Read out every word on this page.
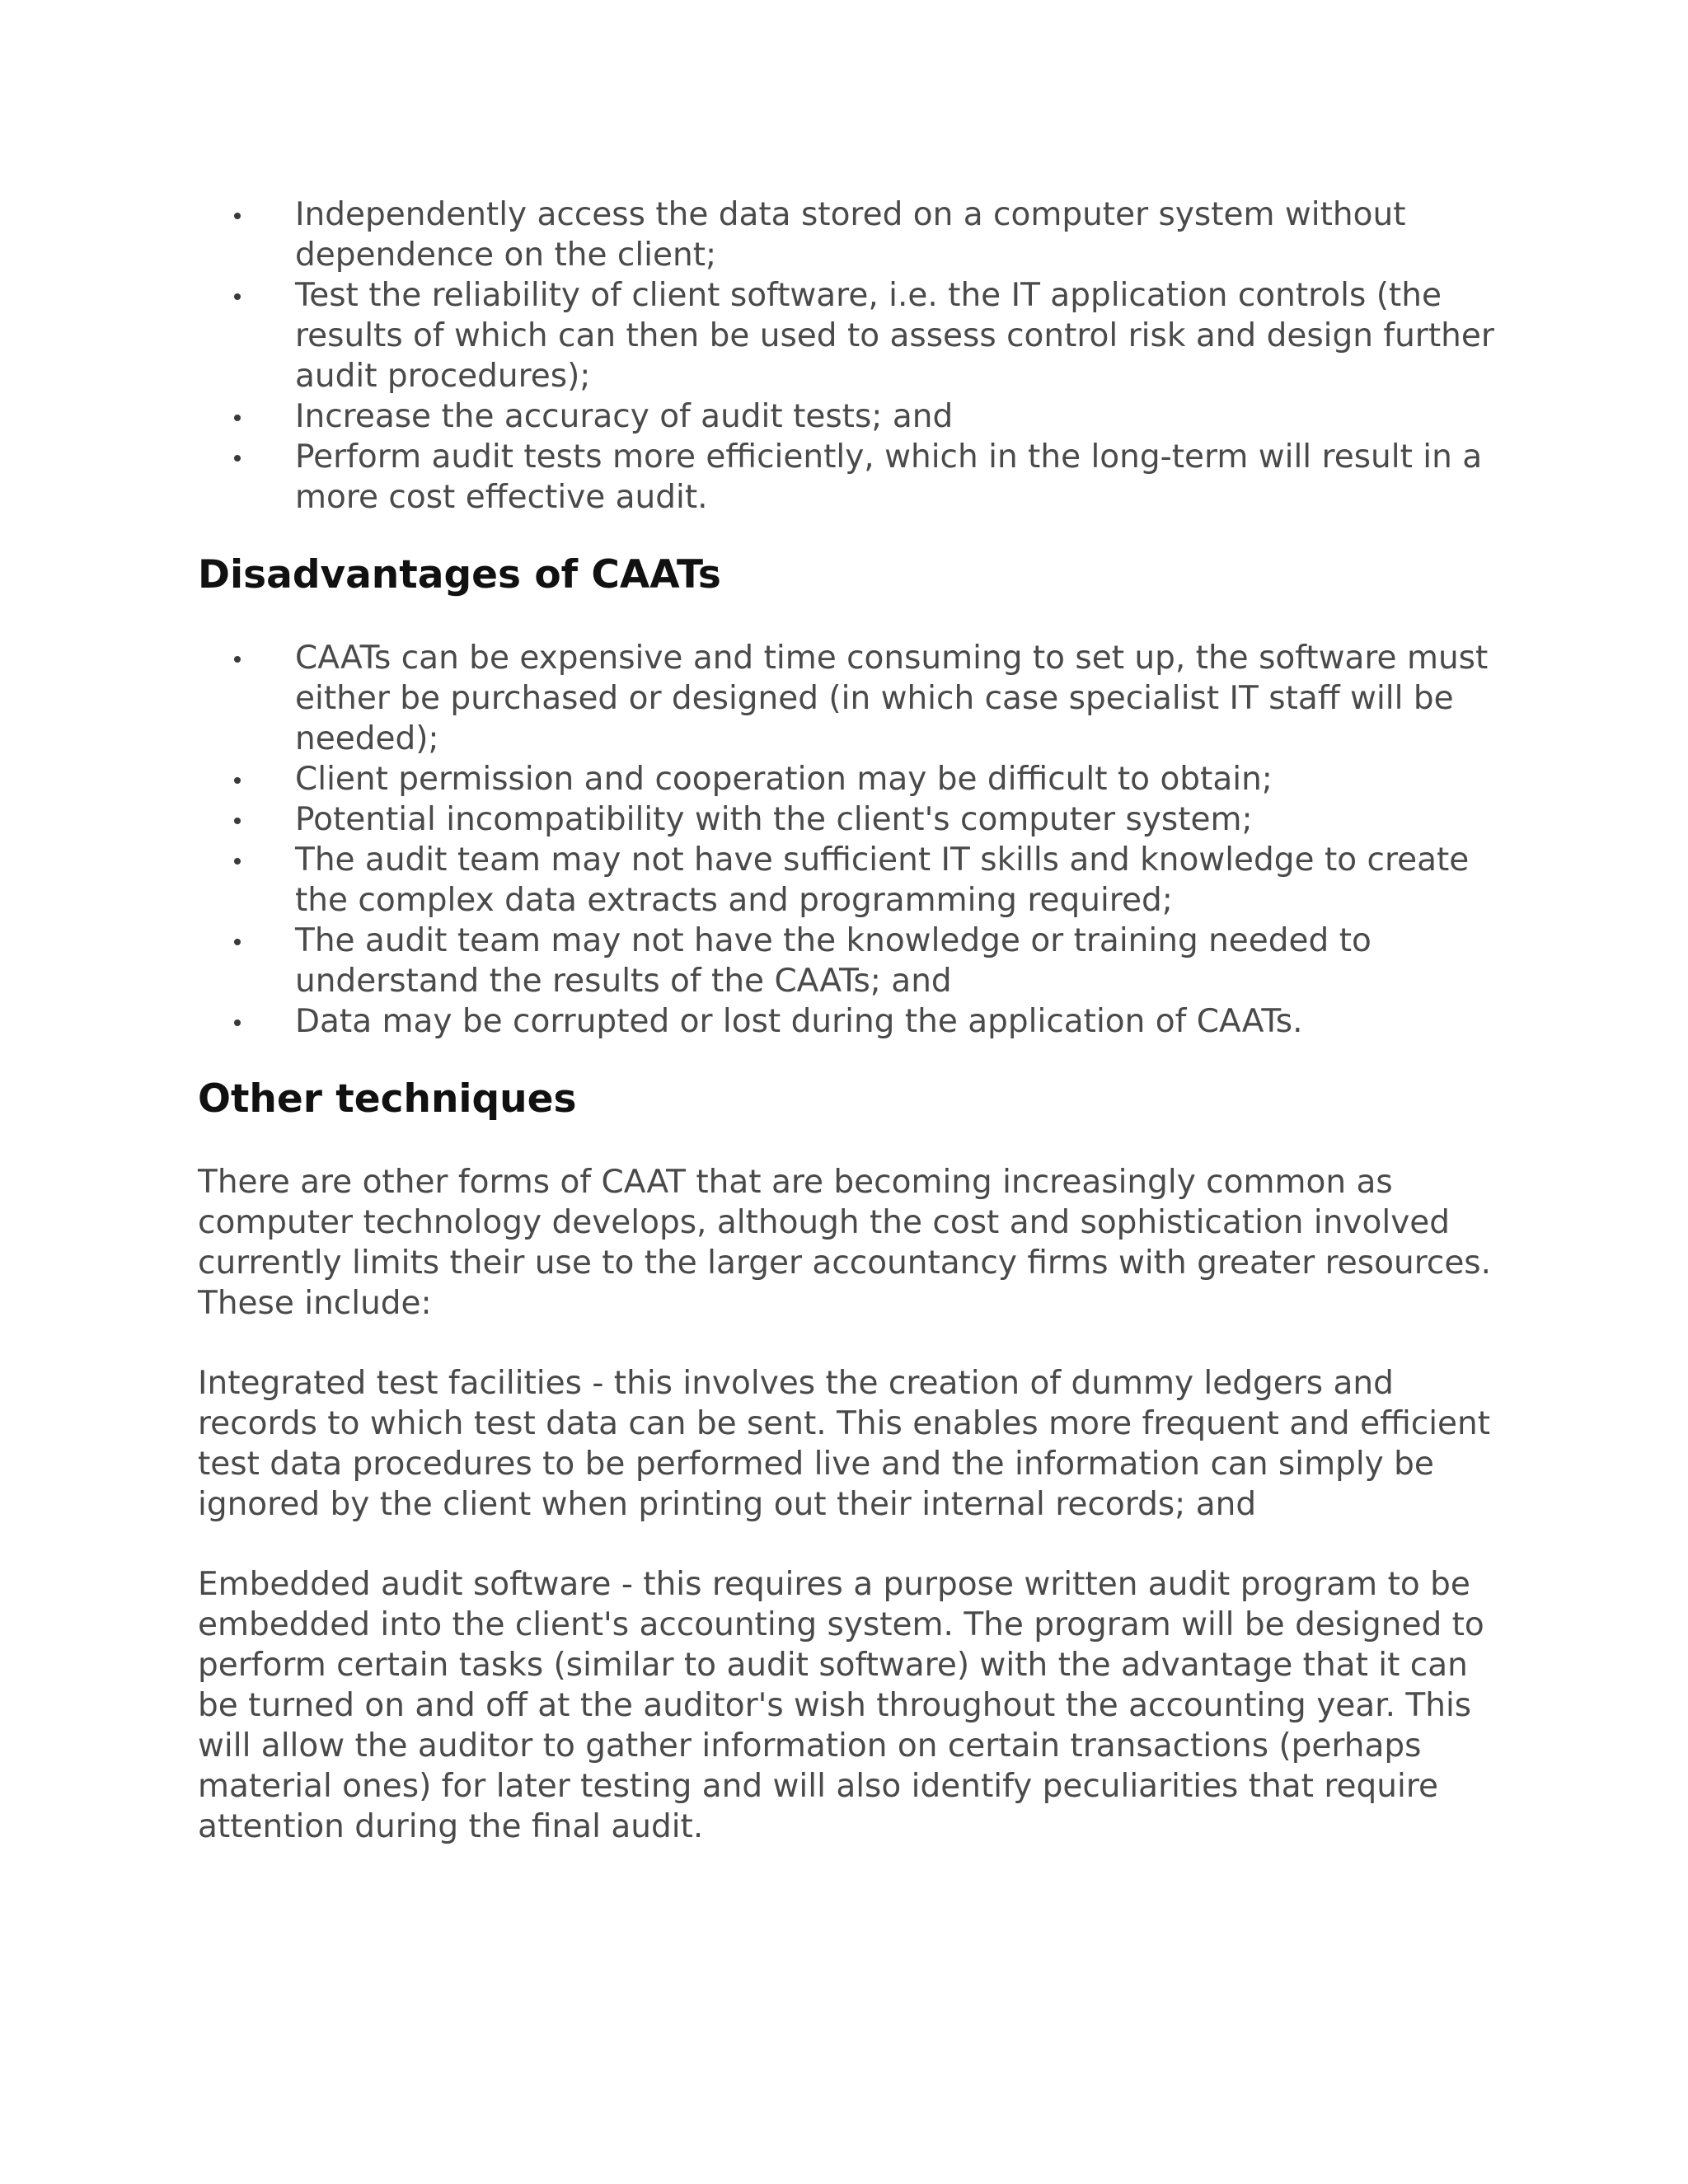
Independently access the data stored on a computer system without dependence on the client;
Test the reliability of client software, i.e. the IT application controls (the results of which can then be used to assess control risk and design further audit procedures);
Increase the accuracy of audit tests; and
Perform audit tests more efficiently, which in the long-term will result in a more cost effective audit.
Disadvantages of CAATs
CAATs can be expensive and time consuming to set up, the software must either be purchased or designed (in which case specialist IT staff will be needed);
Client permission and cooperation may be difficult to obtain;
Potential incompatibility with the client's computer system;
The audit team may not have sufficient IT skills and knowledge to create the complex data extracts and programming required;
The audit team may not have the knowledge or training needed to understand the results of the CAATs; and
Data may be corrupted or lost during the application of CAATs.
Other techniques

There are other forms of CAAT that are becoming increasingly common as computer technology develops, although the cost and sophistication involved currently limits their use to the larger accountancy firms with greater resources. These include:

Integrated test facilities - this involves the creation of dummy ledgers and records to which test data can be sent. This enables more frequent and efficient test data procedures to be performed live and the information can simply be ignored by the client when printing out their internal records; and

Embedded audit software - this requires a purpose written audit program to be embedded into the client's accounting system. The program will be designed to perform certain tasks (similar to audit software) with the advantage that it can be turned on and off at the auditor's wish throughout the accounting year. This will allow the auditor to gather information on certain transactions (perhaps material ones) for later testing and will also identify peculiarities that require attention during the final audit.
